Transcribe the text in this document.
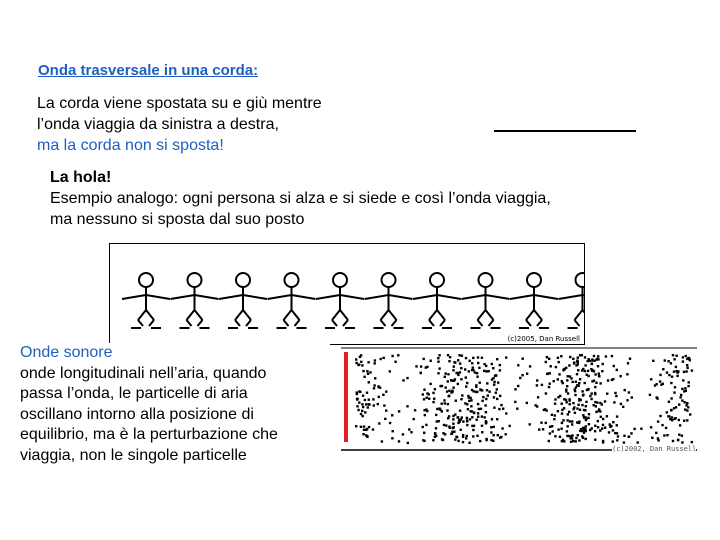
Onda trasversale in una corda:
La corda viene spostata su e giù mentre
l’onda viaggia da sinistra a destra,
ma la corda non si sposta!
La hola!
Esempio analogo: ogni persona si alza e si siede e così l’onda viaggia,
ma nessuno si sposta dal suo posto
(c)2005, Dan Russell
Onde sonore
onde longitudinali nell’aria, quando
passa l’onda, le particelle di aria
oscillano intorno alla posizione di
equilibrio, ma è la perturbazione che
viaggia, non le singole particelle	(c)2002, Dan Russell
